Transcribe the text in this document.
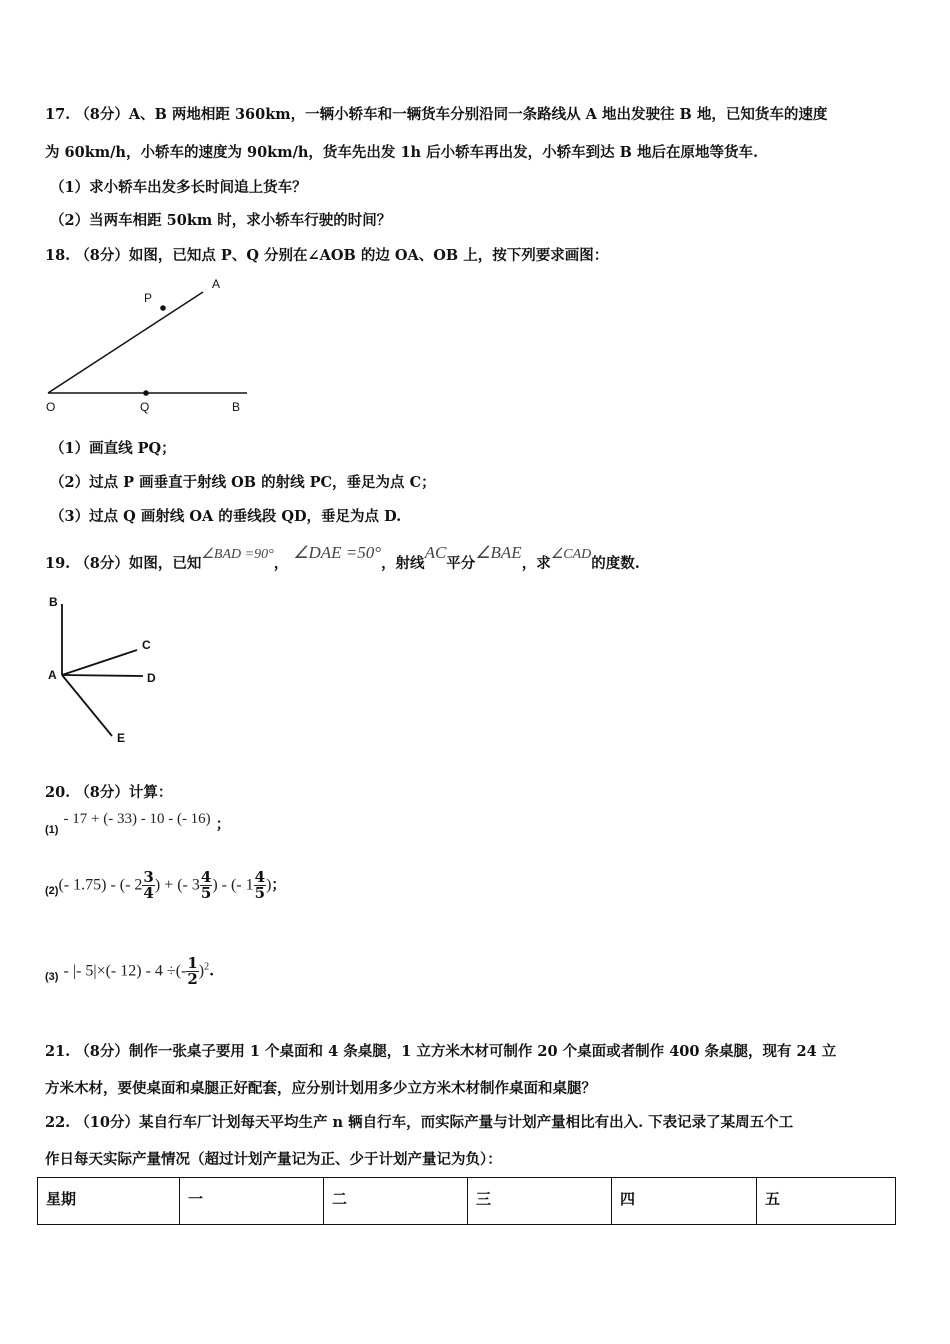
17. （8分）A、B 两地相距 360km，一辆小轿车和一辆货车分别沿同一条路线从 A 地出发驶往 B 地，已知货车的速度
为 60km/h，小轿车的速度为 90km/h，货车先出发 1h 后小轿车再出发，小轿车到达 B 地后在原地等货车.
（1）求小轿车出发多长时间追上货车？
（2）当两车相距 50km 时，求小轿车行驶的时间？
18. （8分）如图，已知点 P、Q 分别在∠AOB 的边 OA、OB 上，按下列要求画图：
A
P
O	Q	B
（1）画直线 PQ；
（2）过点 P 画垂直于射线 OB 的射线 PC，垂足为点 C；
（3）过点 Q 画射线 OA 的垂线段 QD，垂足为点 D.
19. （8分）如图，已知∠BAD =90°， ∠DAE =50°，射线AC平分∠BAE，求∠CAD的度数.
B
C
A	D
E
20. （8分）计算：
$_{(1)}$ - 17 + (- 33) - 10 - (- 16) ；
$_{(2)}$(- 1.75) - (- $2 \frac{3}{4}$ ) + (- $3 \frac{4}{5}$ ) - (- $1 \frac{4}{5}$ )；
$_{(3)}$ - |- 5|×(- 12) - 4 ÷(- $\frac{1}{2} )^2$.
21. （8分）制作一张桌子要用 1 个桌面和 4 条桌腿，1 立方米木材可制作 20 个桌面或者制作 400 条桌腿，现有 24 立
方米木材，要使桌面和桌腿正好配套，应分别计划用多少立方米木材制作桌面和桌腿？
22. （10分）某自行车厂计划每天平均生产 n 辆自行车，而实际产量与计划产量相比有出入. 下表记录了某周五个工
作日每天实际产量情况（超过计划产量记为正、少于计划产量记为负）：
星期	一	二	三	四	五
